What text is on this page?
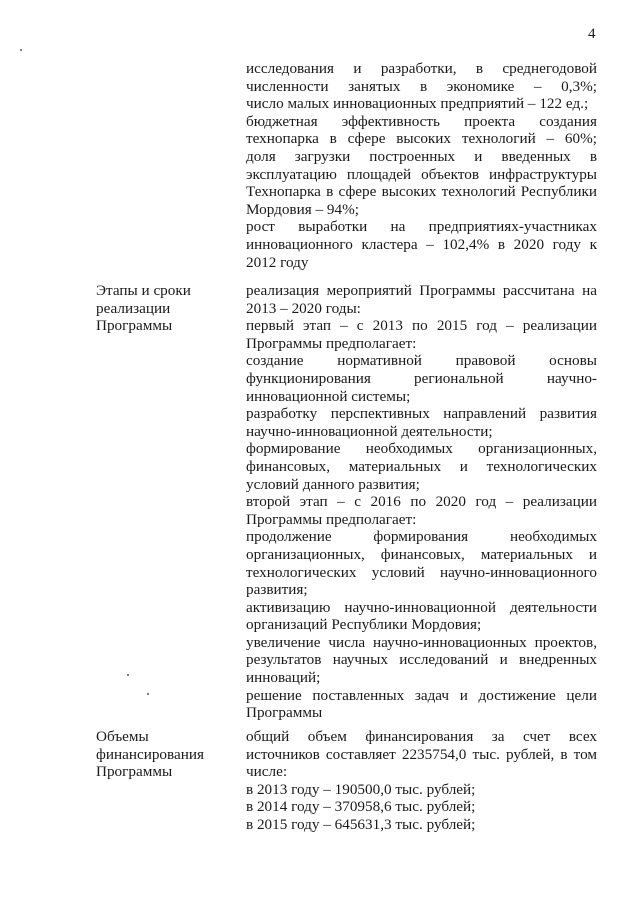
4

исследования и разработки, в среднегодовой численности занятых в экономике – 0,3%;

число малых инновационных предприятий – 122 ед.;

бюджетная эффективность проекта создания технопарка в сфере высоких технологий – 60%;

доля загрузки построенных и введенных в эксплуатацию площадей объектов инфраструктуры Технопарка в сфере высоких технологий Республики Мордовия – 94%;

рост выработки на предприятиях-участниках инновационного кластера – 102,4% в 2020 году к 2012 году

Этапы и сроки реализации Программы

реализация мероприятий Программы рассчитана на 2013 – 2020 годы:

первый этап – с 2013 по 2015 год – реализации Программы предполагает:

создание нормативной правовой основы функционирования региональной научно-инновационной системы;

разработку перспективных направлений развития научно-инновационной деятельности;

формирование необходимых организационных, финансовых, материальных и технологических условий данного развития;

второй этап – с 2016 по 2020 год – реализации Программы предполагает:

продолжение формирования необходимых организационных, финансовых, материальных и технологических условий научно-инновационного развития;

активизацию научно-инновационной деятельности организаций Республики Мордовия;

увеличение числа научно-инновационных проектов, результатов научных исследований и внедренных инноваций;

решение поставленных задач и достижение цели Программы

Объемы финансирования Программы

общий объем финансирования за счет всех источников составляет 2235754,0 тыс. рублей, в том числе:

в 2013 году – 190500,0 тыс. рублей;

в 2014 году – 370958,6 тыс. рублей;

в 2015 году – 645631,3 тыс. рублей;
